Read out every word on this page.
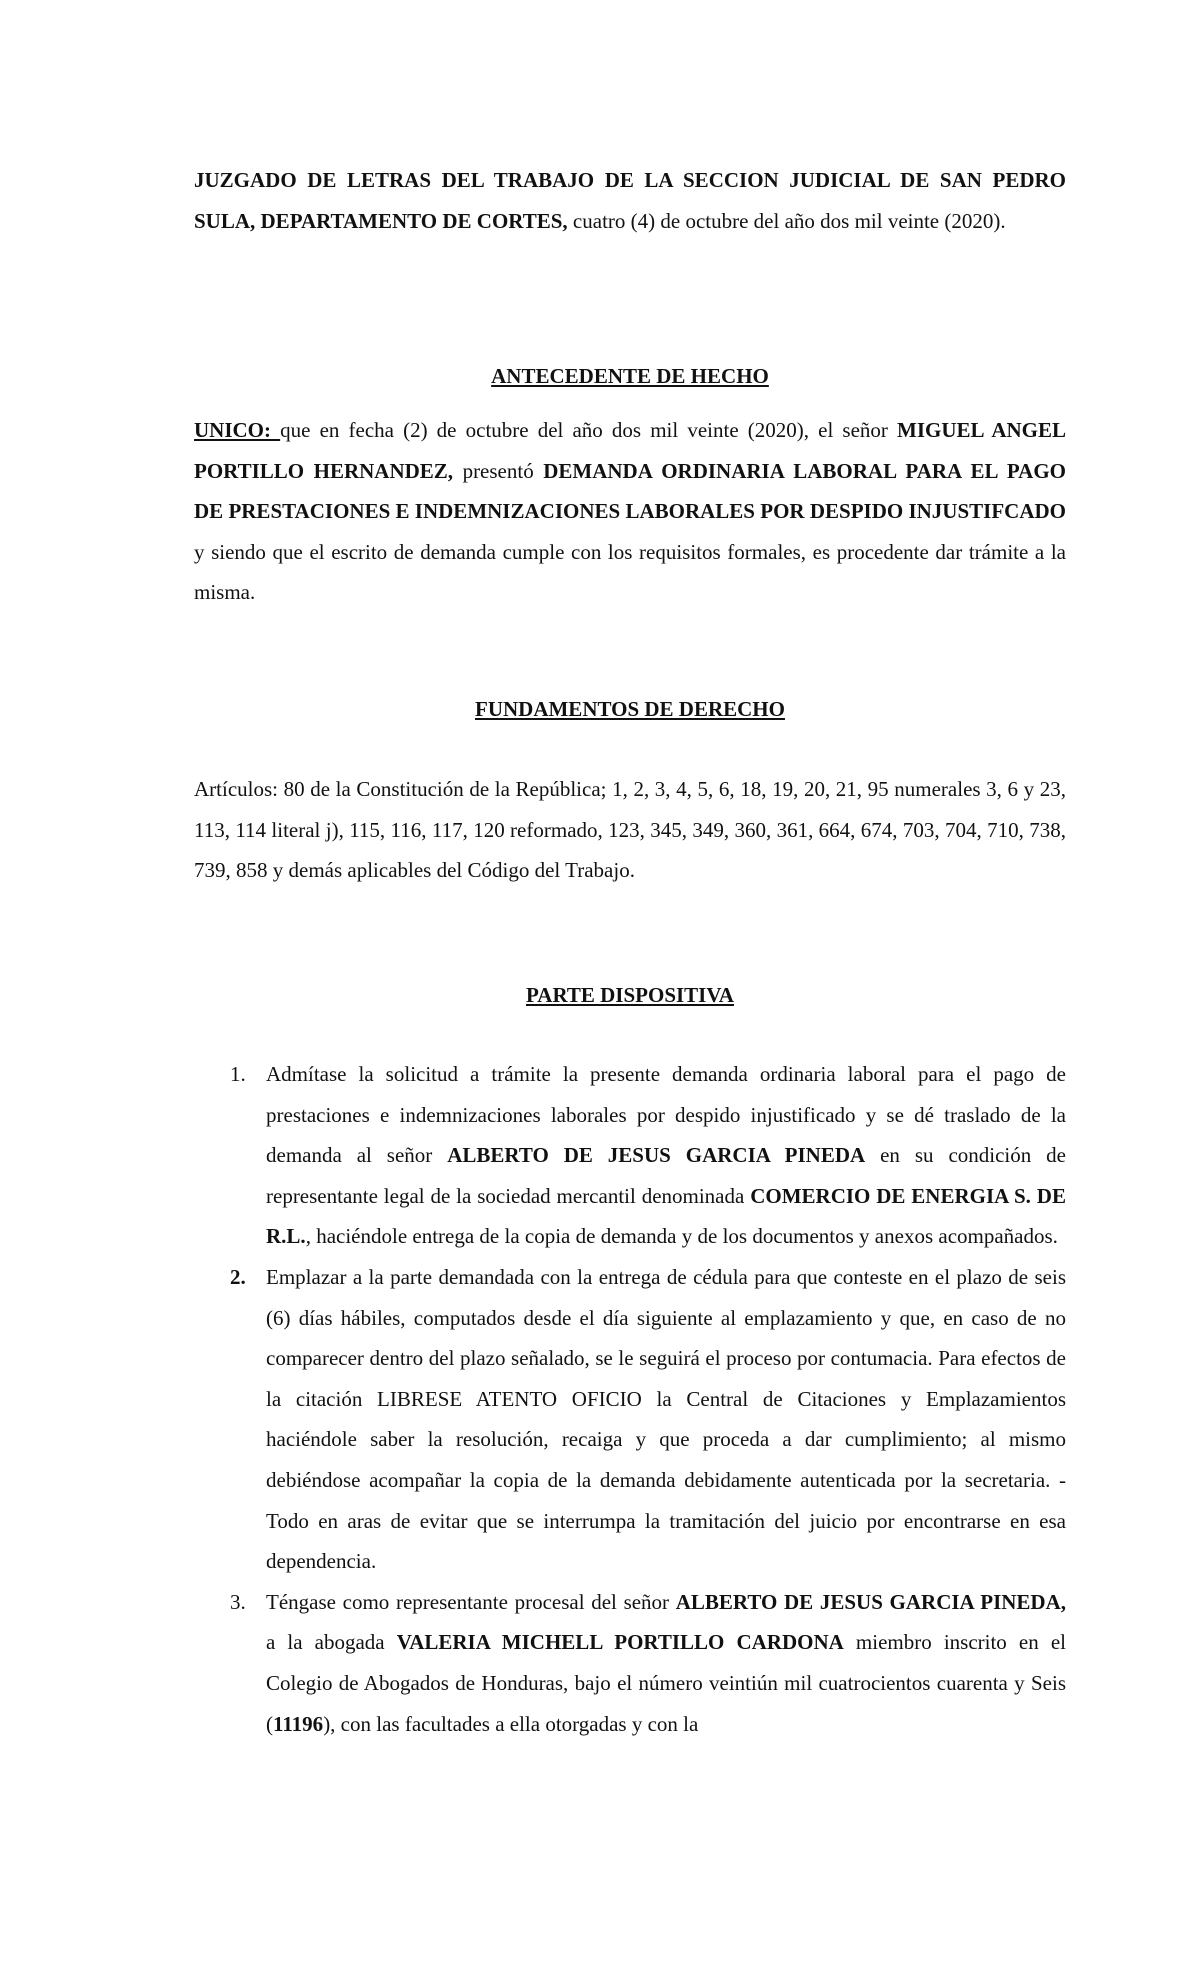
JUZGADO DE LETRAS DEL TRABAJO DE LA SECCION JUDICIAL DE SAN PEDRO SULA, DEPARTAMENTO DE CORTES, cuatro (4) de octubre del año dos mil veinte (2020).

ANTECEDENTE DE HECHO

UNICO: que en fecha (2) de octubre del año dos mil veinte (2020), el señor MIGUEL ANGEL PORTILLO HERNANDEZ, presentó DEMANDA ORDINARIA LABORAL PARA EL PAGO DE PRESTACIONES E INDEMNIZACIONES LABORALES POR DESPIDO INJUSTIFCADO y siendo que el escrito de demanda cumple con los requisitos formales, es procedente dar trámite a la misma.

FUNDAMENTOS DE DERECHO

Artículos: 80 de la Constitución de la República; 1, 2, 3, 4, 5, 6, 18, 19, 20, 21, 95 numerales 3, 6 y 23, 113, 114 literal j), 115, 116, 117, 120 reformado, 123, 345, 349, 360, 361, 664, 674, 703, 704, 710, 738, 739, 858 y demás aplicables del Código del Trabajo.

PARTE DISPOSITIVA
1. Admítase la solicitud a trámite la presente demanda ordinaria laboral para el pago de prestaciones e indemnizaciones laborales por despido injustificado y se dé traslado de la demanda al señor ALBERTO DE JESUS GARCIA PINEDA en su condición de representante legal de la sociedad mercantil denominada COMERCIO DE ENERGIA S. DE R.L., haciéndole entrega de la copia de demanda y de los documentos y anexos acompañados.
2. Emplazar a la parte demandada con la entrega de cédula para que conteste en el plazo de seis (6) días hábiles, computados desde el día siguiente al emplazamiento y que, en caso de no comparecer dentro del plazo señalado, se le seguirá el proceso por contumacia. Para efectos de la citación LIBRESE ATENTO OFICIO la Central de Citaciones y Emplazamientos haciéndole saber la resolución, recaiga y que proceda a dar cumplimiento; al mismo debiéndose acompañar la copia de la demanda debidamente autenticada por la secretaria. - Todo en aras de evitar que se interrumpa la tramitación del juicio por encontrarse en esa dependencia.
3. Téngase como representante procesal del señor ALBERTO DE JESUS GARCIA PINEDA, a la abogada VALERIA MICHELL PORTILLO CARDONA miembro inscrito en el Colegio de Abogados de Honduras, bajo el número veintiún mil cuatrocientos cuarenta y Seis (11196), con las facultades a ella otorgadas y con la
